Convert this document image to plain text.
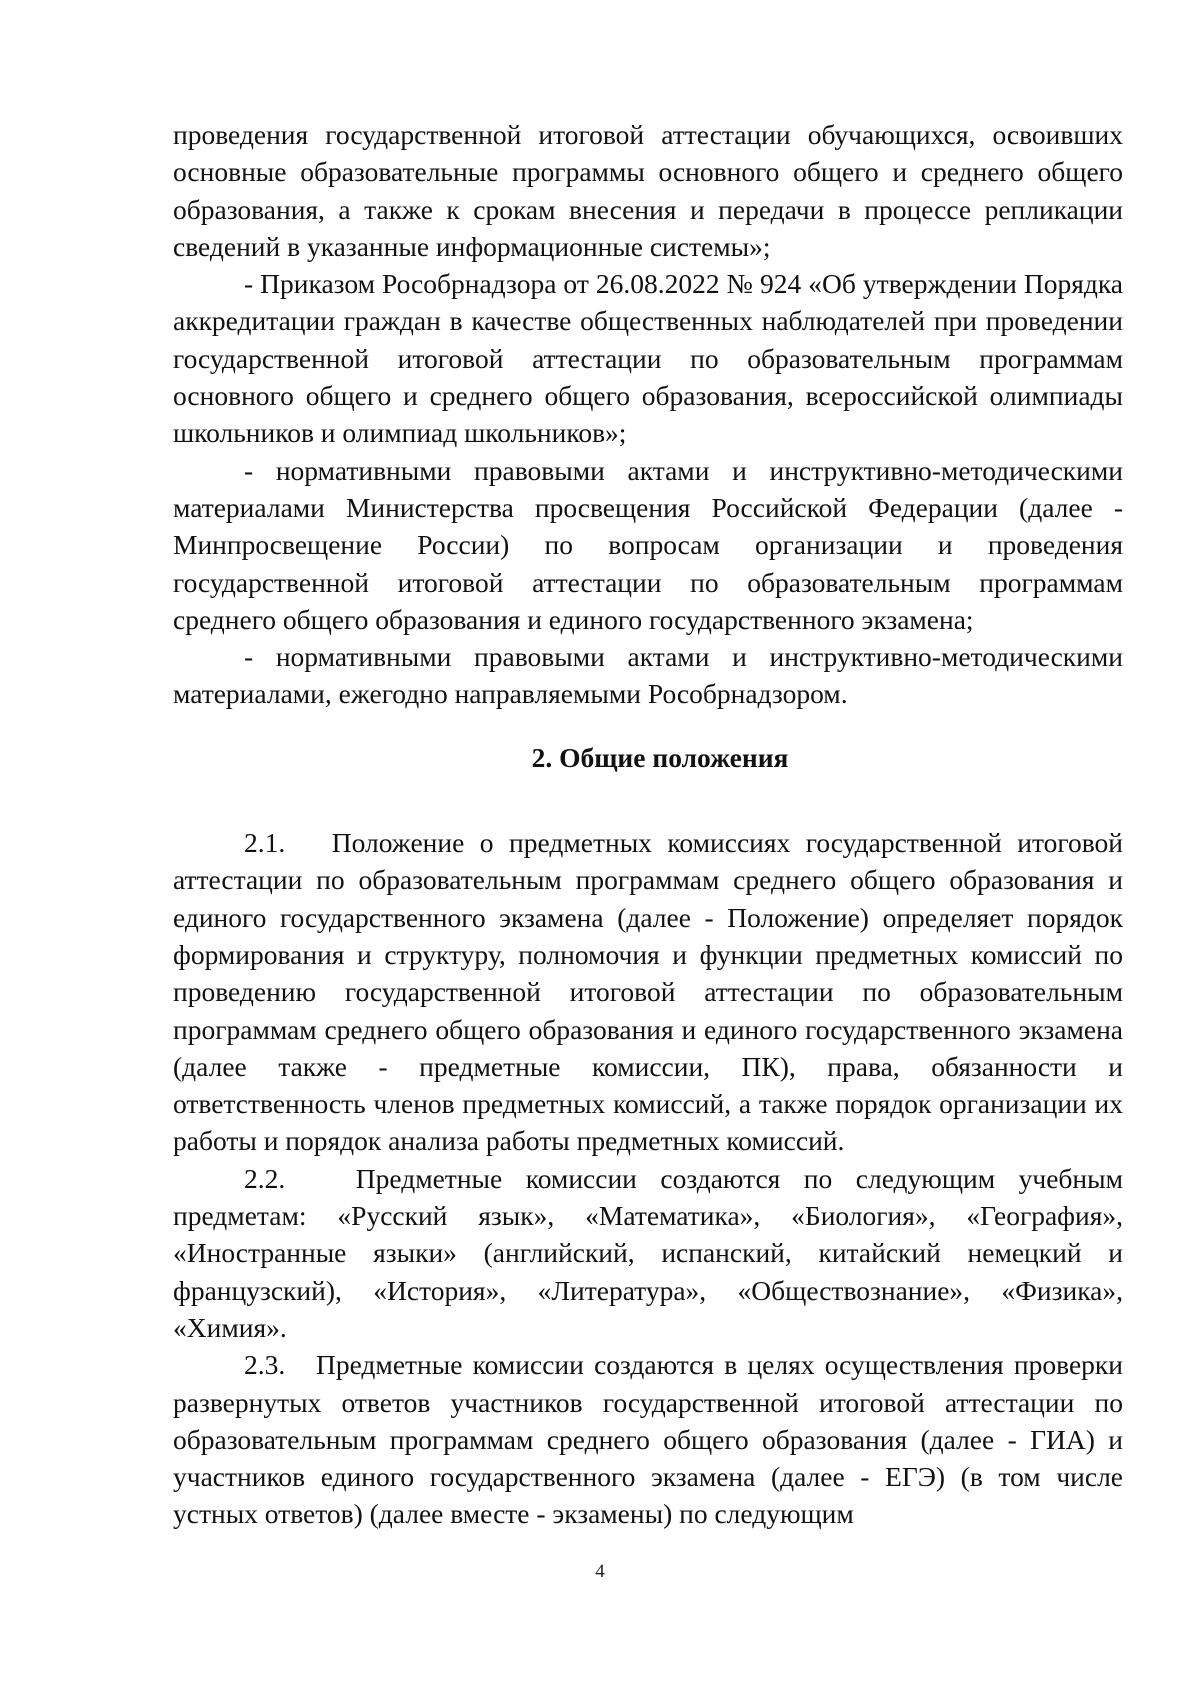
проведения государственной итоговой аттестации обучающихся, освоивших основные образовательные программы основного общего и среднего общего образования, а также к срокам внесения и передачи в процессе репликации сведений в указанные информационные системы»;

- Приказом Рособрнадзора от 26.08.2022 № 924 «Об утверждении Порядка аккредитации граждан в качестве общественных наблюдателей при проведении государственной итоговой аттестации по образовательным программам основного общего и среднего общего образования, всероссийской олимпиады школьников и олимпиад школьников»;

- нормативными правовыми актами и инструктивно-методическими материалами Министерства просвещения Российской Федерации (далее - Минпросвещение России) по вопросам организации и проведения государственной итоговой аттестации по образовательным программам среднего общего образования и единого государственного экзамена;

- нормативными правовыми актами и инструктивно-методическими материалами, ежегодно направляемыми Рособрнадзором.

2. Общие положения

2.1.   Положение о предметных комиссиях государственной итоговой аттестации по образовательным программам среднего общего образования и единого государственного экзамена (далее - Положение) определяет порядок формирования и структуру, полномочия и функции предметных комиссий по проведению государственной итоговой аттестации по образовательным программам среднего общего образования и единого государственного экзамена (далее также - предметные комиссии, ПК), права, обязанности и ответственность членов предметных комиссий, а также порядок организации их работы и порядок анализа работы предметных комиссий.

2.2.   Предметные комиссии создаются по следующим учебным предметам: «Русский язык», «Математика», «Биология», «География», «Иностранные языки» (английский, испанский, китайский немецкий и французский), «История», «Литература», «Обществознание», «Физика», «Химия».

2.3.   Предметные комиссии создаются в целях осуществления проверки развернутых ответов участников государственной итоговой аттестации по образовательным программам среднего общего образования (далее - ГИА) и участников единого государственного экзамена (далее - ЕГЭ) (в том числе устных ответов) (далее вместе - экзамены) по следующим

4
